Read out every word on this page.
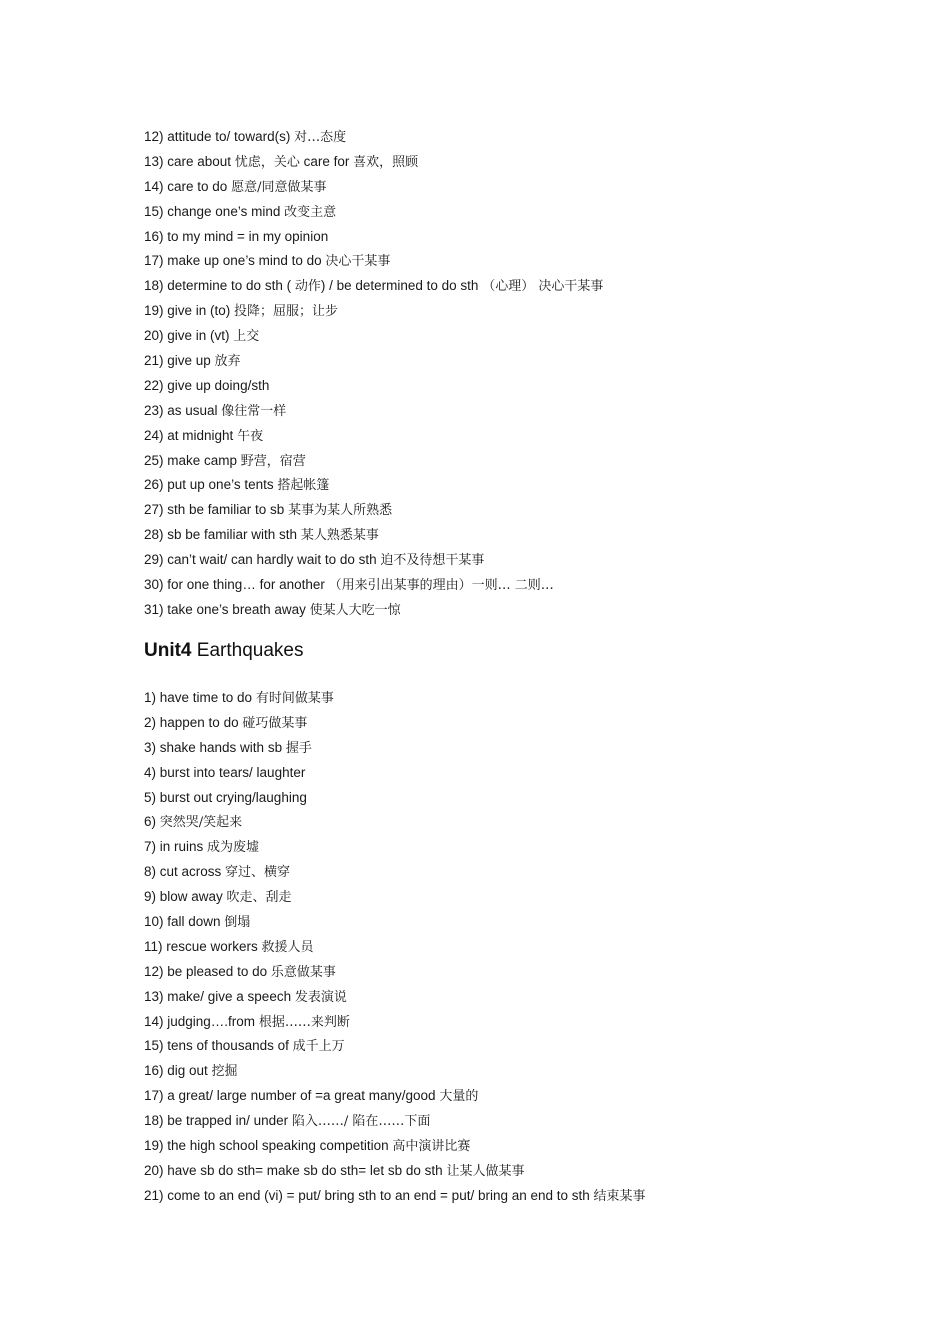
12) attitude to/ toward(s) 对…态度
13) care about 忧虑，关心 care for 喜欢，照顾
14) care to do 愿意/同意做某事
15) change one’s mind 改变主意
16) to my mind = in my opinion
17) make up one’s mind to do 决心干某事
18) determine to do sth ( 动作) / be determined to do sth （心理） 决心干某事
19) give in (to) 投降；屈服；让步
20) give in (vt) 上交
21) give up 放弃
22) give up doing/sth
23) as usual 像往常一样
24) at midnight 午夜
25) make camp 野营，宿营
26) put up one’s tents 搭起帐篷
27) sth be familiar to sb 某事为某人所熟悉
28) sb be familiar with sth 某人熟悉某事
29) can’t wait/ can hardly wait to do sth 迫不及待想干某事
30) for one thing… for another （用来引出某事的理由）一则… 二则…
31) take one’s breath away 使某人大吃一惊
Unit4 Earthquakes
1) have time to do 有时间做某事
2) happen to do 碰巧做某事
3) shake hands with sb 握手
4) burst into tears/ laughter
5) burst out crying/laughing
6) 突然哭/笑起来
7) in ruins 成为废墟
8) cut across 穿过、横穿
9) blow away 吹走、刮走
10) fall down 倒塌
11) rescue workers 救援人员
12) be pleased to do 乐意做某事
13) make/ give a speech 发表演说
14) judging….from 根据……来判断
15) tens of thousands of 成千上万
16) dig out 挖掘
17) a great/ large number of =a great many/good 大量的
18) be trapped in/ under 陷入……/ 陷在……下面
19) the high school speaking competition 高中演讲比赛
20) have sb do sth= make sb do sth= let sb do sth 让某人做某事
21) come to an end (vi) = put/ bring sth to an end = put/ bring an end to sth 结束某事
